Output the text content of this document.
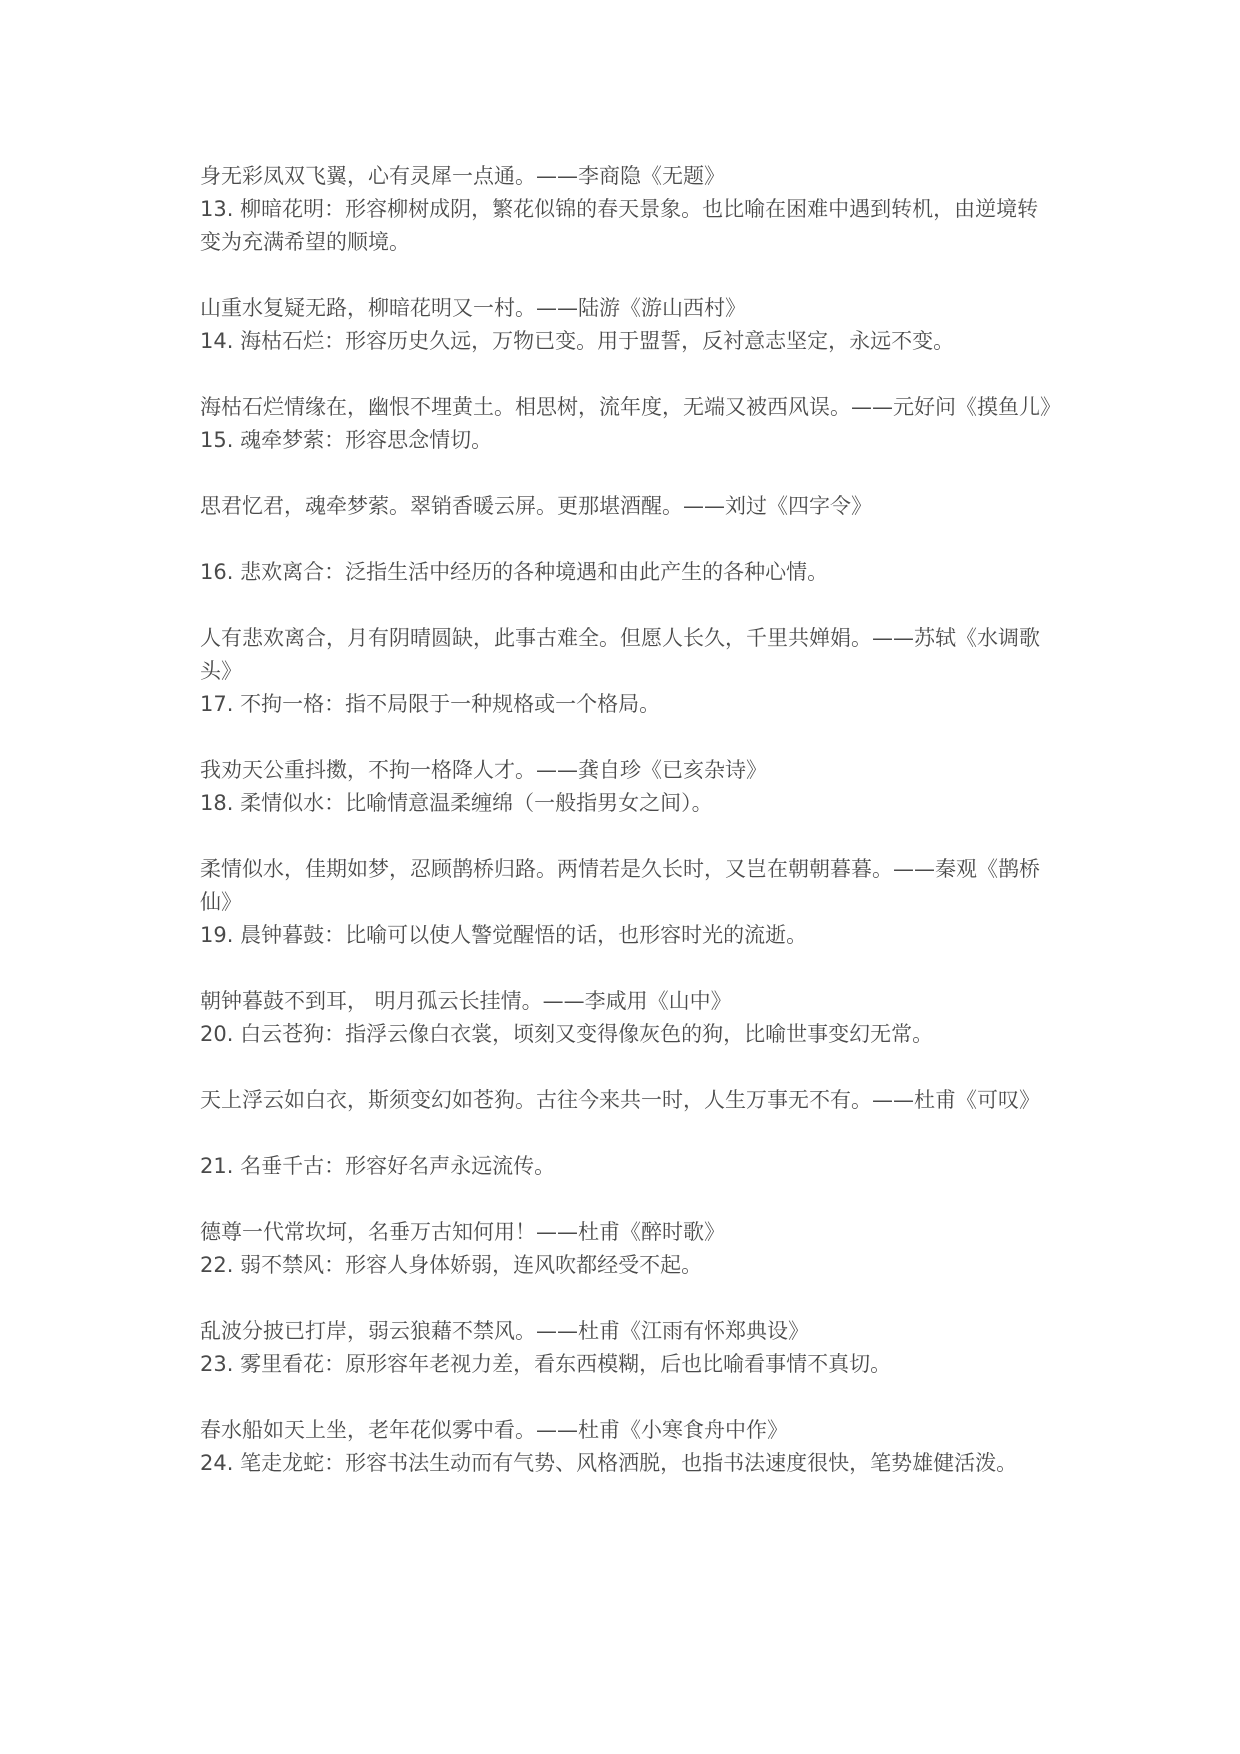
身无彩凤双飞翼，心有灵犀一点通。——李商隐《无题》

13. 柳暗花明：形容柳树成阴，繁花似锦的春天景象。也比喻在困难中遇到转机，由逆境转变为充满希望的顺境。

山重水复疑无路，柳暗花明又一村。——陆游《游山西村》

14. 海枯石烂：形容历史久远，万物已变。用于盟誓，反衬意志坚定，永远不变。

海枯石烂情缘在，幽恨不埋黄土。相思树，流年度，无端又被西风误。——元好问《摸鱼儿》

15. 魂牵梦萦：形容思念情切。

思君忆君，魂牵梦萦。翠销香暖云屏。更那堪酒醒。——刘过《四字令》

16. 悲欢离合：泛指生活中经历的各种境遇和由此产生的各种心情。

人有悲欢离合，月有阴晴圆缺，此事古难全。但愿人长久，千里共婵娟。——苏轼《水调歌头》

17. 不拘一格：指不局限于一种规格或一个格局。

我劝天公重抖擞，不拘一格降人才。——龚自珍《已亥杂诗》

18. 柔情似水：比喻情意温柔缠绵（一般指男女之间）。

柔情似水，佳期如梦，忍顾鹊桥归路。两情若是久长时，又岂在朝朝暮暮。——秦观《鹊桥仙》

19. 晨钟暮鼓：比喻可以使人警觉醒悟的话，也形容时光的流逝。

朝钟暮鼓不到耳， 明月孤云长挂情。——李咸用《山中》

20. 白云苍狗：指浮云像白衣裳，顷刻又变得像灰色的狗，比喻世事变幻无常。

天上浮云如白衣，斯须变幻如苍狗。古往今来共一时，人生万事无不有。——杜甫《可叹》

21. 名垂千古：形容好名声永远流传。

德尊一代常坎坷，名垂万古知何用！——杜甫《醉时歌》

22. 弱不禁风：形容人身体娇弱，连风吹都经受不起。

乱波分披已打岸，弱云狼藉不禁风。——杜甫《江雨有怀郑典设》

23. 雾里看花：原形容年老视力差，看东西模糊，后也比喻看事情不真切。

春水船如天上坐，老年花似雾中看。——杜甫《小寒食舟中作》

24. 笔走龙蛇：形容书法生动而有气势、风格洒脱，也指书法速度很快，笔势雄健活泼。
